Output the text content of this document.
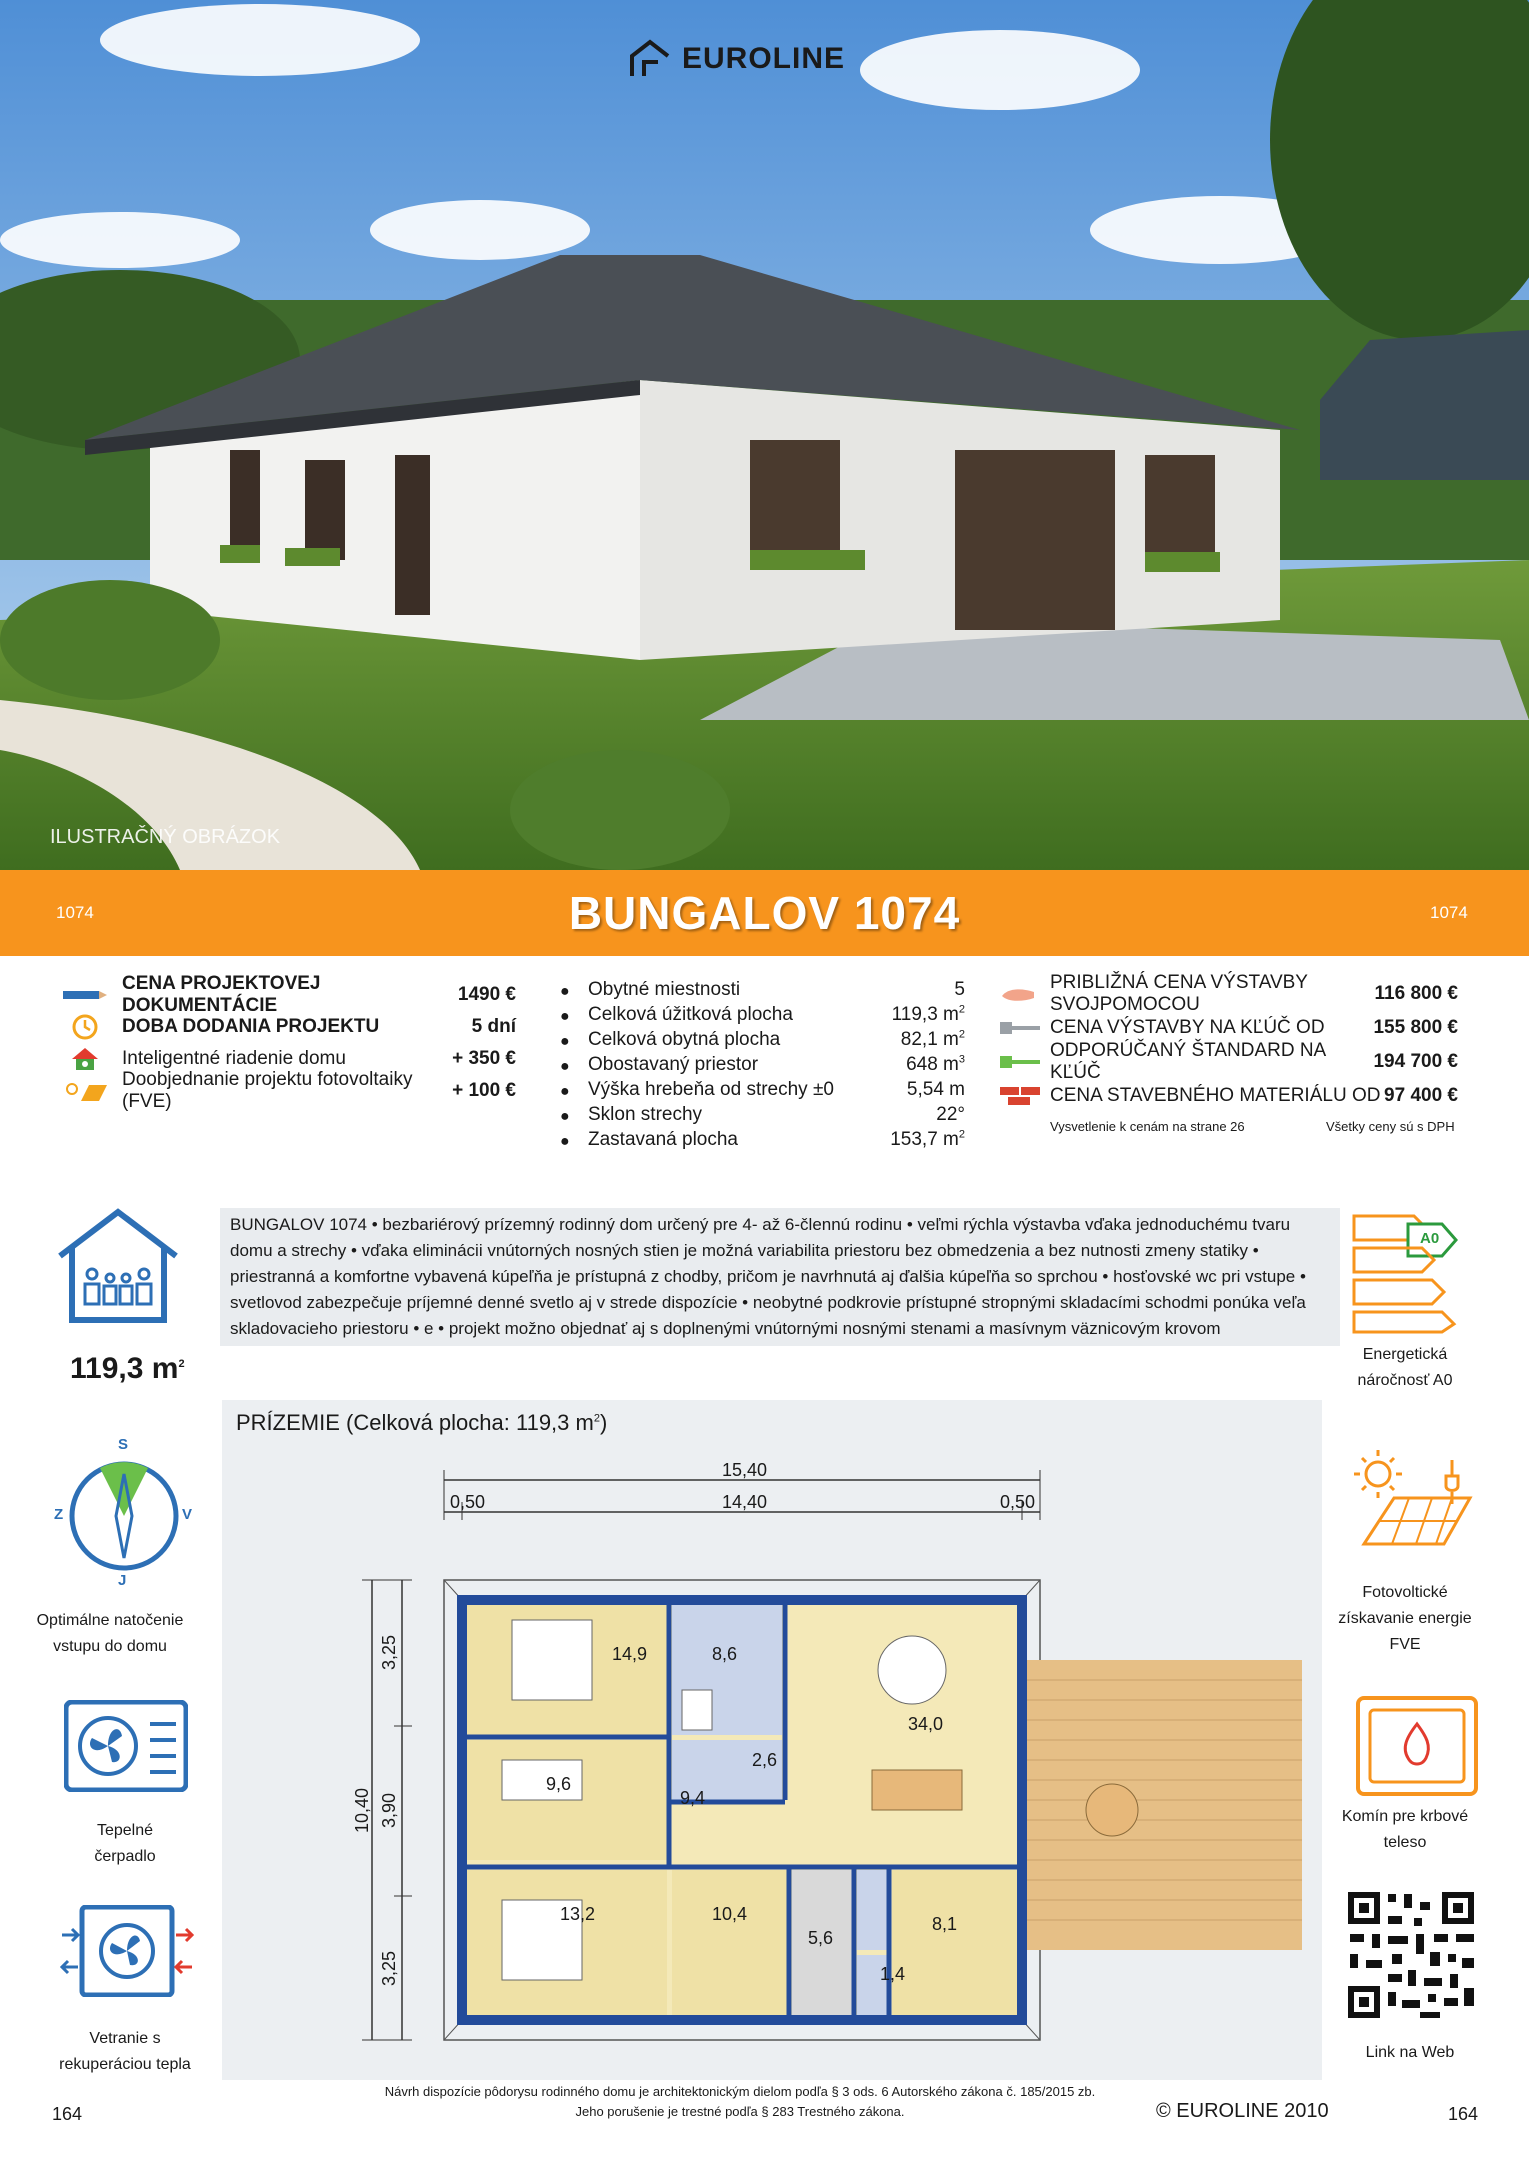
EUROLINE
ILUSTRAČNÝ OBRÁZOK
1074	BUNGALOV 1074	1074
CENA PROJEKTOVEJ DOKUMENTÁCIE
1490 €
DOBA DODANIA PROJEKTU	5 dní
Inteligentné riadenie domu	+ 350 €
Doobjednanie projektu fotovoltaiky (FVE)
+ 100 €
● Obytné miestnosti	5
● Celková úžitková plocha	119,3 $m^2$
● Celková obytná plocha	82,1 $m^2$
● Obostavaný priestor	648 $m^3$
● Výška hrebeňa od strechy ±0	5,54 m
● Sklon strechy	22°
● Zastavaná plocha	153,7 $m^2$
PRIBLIŽNÁ CENA VÝSTAVBY SVOJPOMOCOU
116 800 €
CENA VÝSTAVBY NA KĽÚČ OD	155 800 €
ODPORÚČANÝ ŠTANDARD NA KĽÚČ
194 700 €
CENA STAVEBNÉHO MATERIÁLU OD 97 400 €
Vysvetlenie k cenám na strane 26	Všetky ceny sú s DPH
119,3 $m^2$
S
Z	V
J
Optimálne natočenie
vstupu do domu
Tepelné
čerpadlo
Vetranie s
rekuperáciou tepla
BUNGALOV 1074 • bezbariérový prízemný rodinný dom určený pre 4- až 6-člennú rodinu • veľmi rýchla výstavba vďaka jednoduchému tvaru domu a strechy • vďaka eliminácii vnútorných nosných stien je možná variabilita priestoru bez obmedzenia a bez nutnosti zmeny statiky • priestranná a komfortne vybavená kúpeľňa je prístupná z chodby, pričom je navrhnutá aj ďalšia kúpeľňa so sprchou • hosťovské wc pri vstupe • svetlovod zabezpečuje príjemné denné svetlo aj v strede dispozície • neobytné podkrovie prístupné stropnými skladacími schodmi ponúka veľa skladovacieho priestoru • e • projekt možno objednať aj s doplnenými vnútornými nosnými stenami a masívnym väznicovým krovom
PRÍZEMIE (Celková plocha: 119,3 $m^2$)
15,40
0,50	14,40	0,50
10,40
3,25
3,90
3,25
14,9	8,6
34,0
2,6
9,6
9,4
13,2	10,4
5,6
8,1
1,4
A0
Energetická
náročnosť A0
Fotovoltické
získavanie energie
FVE
Komín pre krbové
teleso
Link na Web
164
Návrh dispozície pôdorysu rodinného domu je architektonickým dielom podľa § 3 ods. 6 Autorského zákona č. 185/2015 zb.
Jeho porušenie je trestné podľa § 283 Trestného zákona.	© EUROLINE 2010	164
